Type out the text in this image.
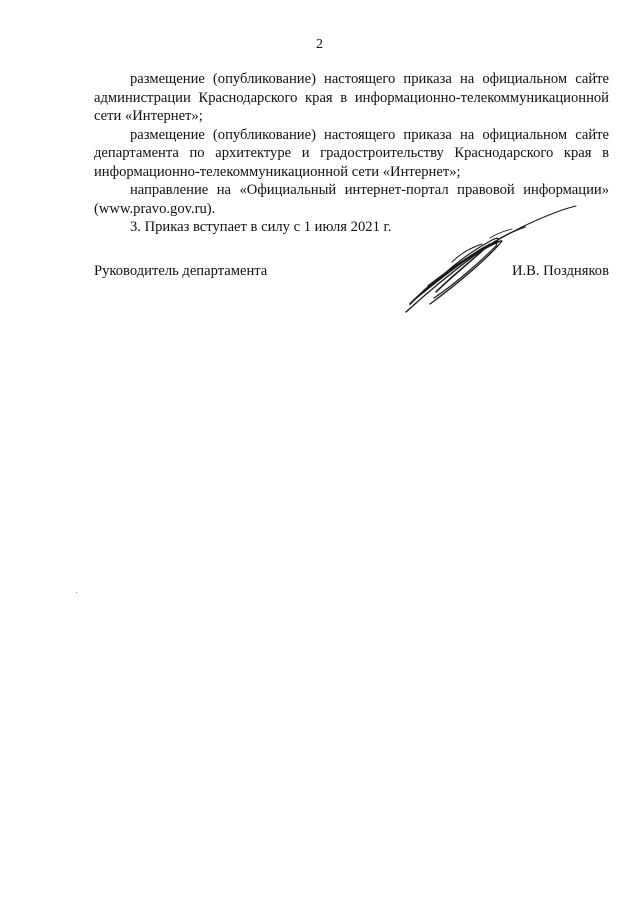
2

размещение (опубликование) настоящего приказа на официальном сайте администрации Краснодарского края в информационно-телекоммуникационной сети «Интернет»;

размещение (опубликование) настоящего приказа на официальном сайте департамента по архитектуре и градостроительству Краснодарского края в информационно-телекоммуникационной сети «Интернет»;

направление на «Официальный интернет-портал правовой информации» (www.pravo.gov.ru).

3. Приказ вступает в силу с 1 июля 2021 г.

Руководитель департамента	И.В. Поздняков
